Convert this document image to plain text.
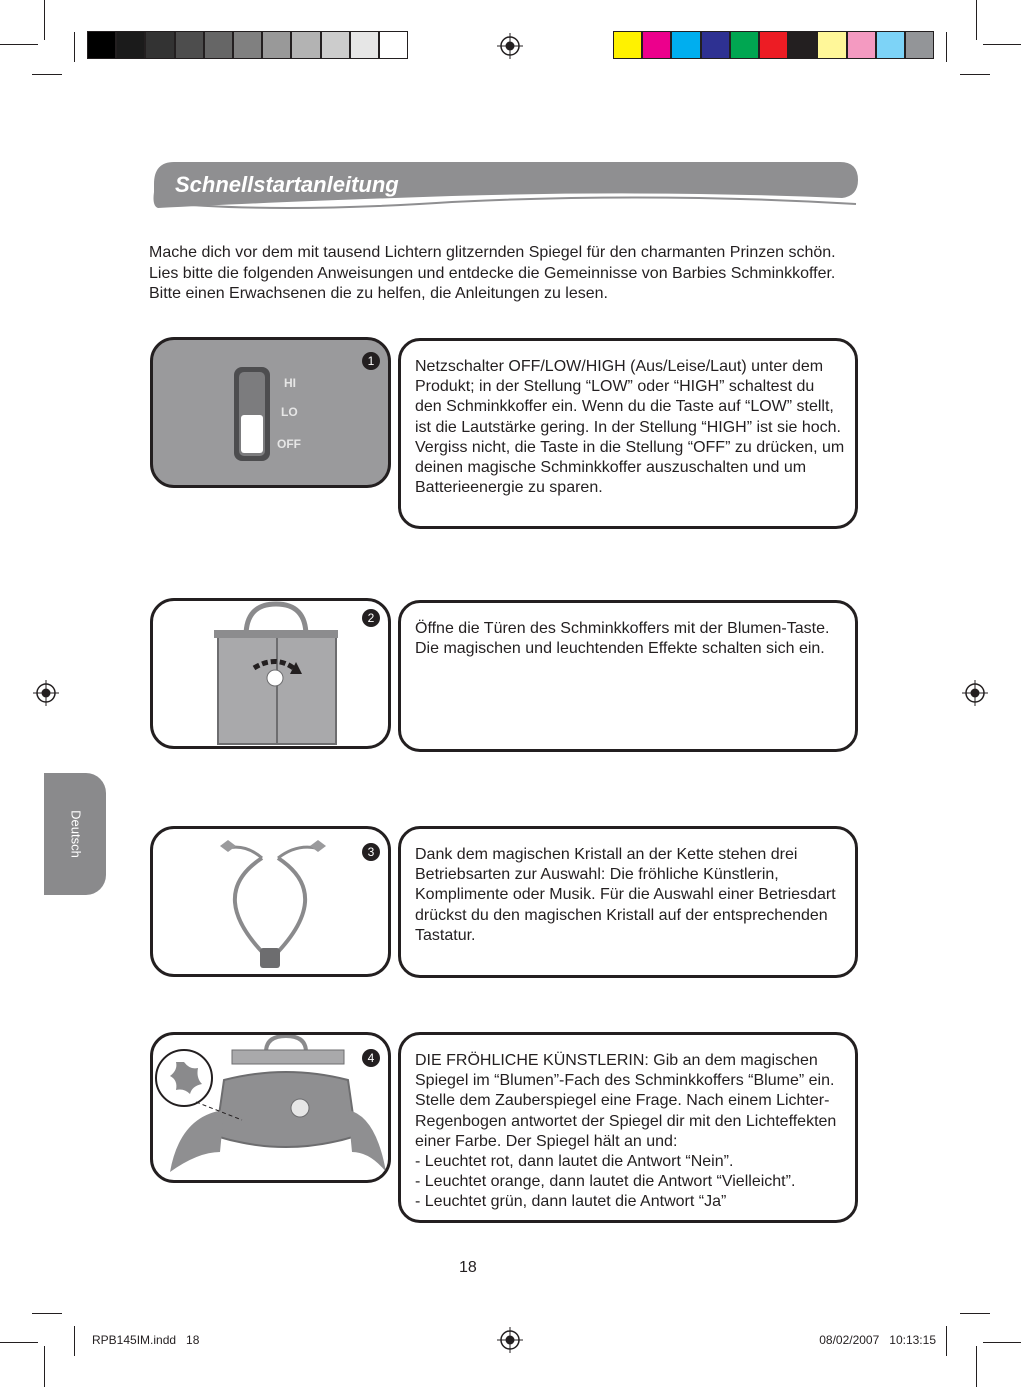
Schnellstartanleitung
Mache dich vor dem mit tausend Lichtern glitzernden Spiegel für den charmanten Prinzen schön. Lies bitte die folgenden Anweisungen und entdecke die Gemeinnisse von Barbies Schminkkoffer. Bitte einen Erwachsenen die zu helfen, die Anleitungen zu lesen.
HI
LO
OFF
1	Netzschalter OFF/LOW/HIGH (Aus/Leise/Laut) unter dem Produkt; in der Stellung “LOW” oder “HIGH” schaltest du den Schminkkoffer ein. Wenn du die Taste auf “LOW” stellt, ist die Lautstärke gering. In der Stellung “HIGH” ist sie hoch. Vergiss nicht, die Taste in die Stellung “OFF” zu drücken, um deinen magische Schminkkoffer auszuschalten und um Batterieenergie zu sparen.

2

Öffne die Türen des Schminkkoffers mit der Blumen-Taste. Die magischen und leuchtenden Effekte schalten sich ein.

3	Dank dem magischen Kristall an der Kette stehen drei Betriebsarten zur Auswahl: Die fröhliche Künstlerin, Komplimente oder Musik. Für die Auswahl einer Betriesdart drückst du den magischen Kristall auf der entsprechenden Tastatur.

4	DIE FRÖHLICHE KÜNSTLERIN: Gib an dem magischen Spiegel im “Blumen”-Fach des Schminkkoffers “Blume” ein. Stelle dem Zauberspiegel eine Frage. Nach einem Lichter-Regenbogen antwortet der Spiegel dir mit den Lichteffekten einer Farbe. Der Spiegel hält an und:

- Leuchtet rot, dann lautet die Antwort “Nein”.

- Leuchtet orange, dann lautet die Antwort “Vielleicht”.

- Leuchtet grün, dann lautet die Antwort “Ja”

Deutsch
18
RPB145IM.indd   18	08/02/2007   10:13:15
